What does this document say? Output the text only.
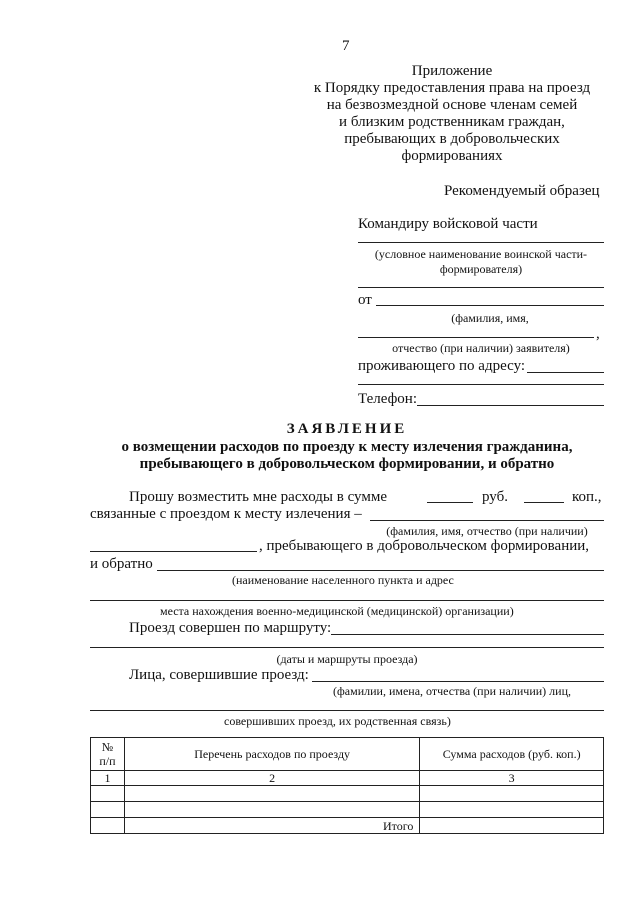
7
Приложение
к Порядку предоставления права на проезд
на безвозмездной основе членам семей
и близким родственникам граждан,
пребывающих в добровольческих
формированиях
Рекомендуемый образец
Командиру войсковой части
(условное наименование воинской части-
формирователя)
от
(фамилия, имя,
,
отчество (при наличии) заявителя)
проживающего по адресу:
Телефон:
ЗАЯВЛЕНИЕ
о возмещении расходов по проезду к месту излечения гражданина,
пребывающего в добровольческом формировании, и обратно
Прошу возместить мне расходы в сумме	руб.	коп.,
связанные с проездом к месту излечения –
(фамилия, имя, отчество (при наличии)
, пребывающего в добровольческом формировании,
и обратно
(наименование населенного пункта и адрес
места нахождения военно-медицинской (медицинской) организации)
Проезд совершен по маршруту:
(даты и маршруты проезда)
Лица, совершившие проезд:
(фамилии, имена, отчества (при наличии) лиц,
совершивших проезд, их родственная связь)
№
п/п	Перечень расходов по проезду	Сумма расходов (руб. коп.)
1	2	3

	Итого	
